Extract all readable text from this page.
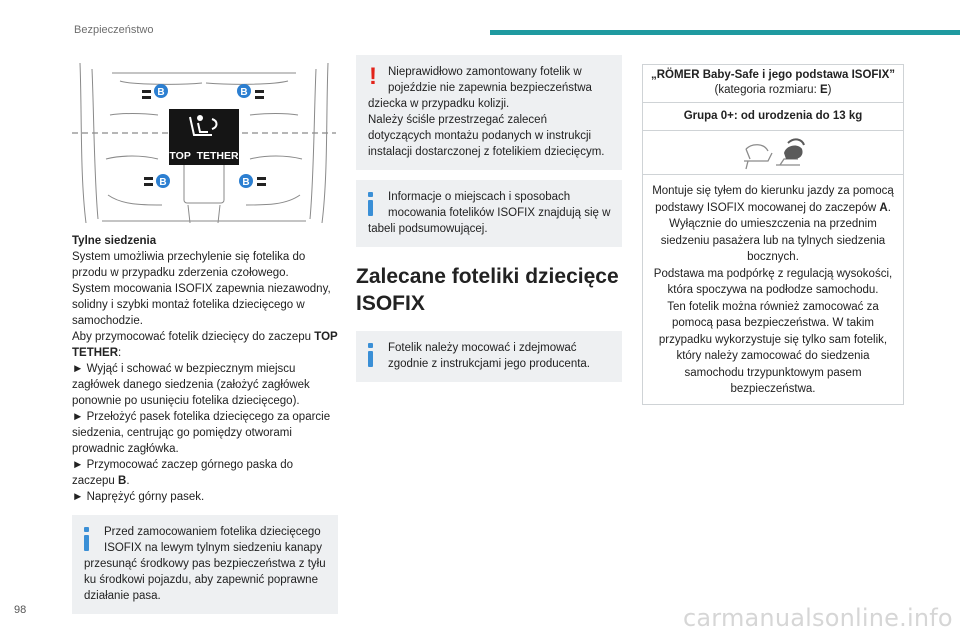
Bezpieczeństwo
B	B
B	B
TOP TETHER
Tylne siedzenia
System umożliwia przechylenie się fotelika do przodu w przypadku zderzenia czołowego.
System mocowania ISOFIX zapewnia niezawodny, solidny i szybki montaż fotelika dziecięcego w samochodzie.
Aby przymocować fotelik dziecięcy do zaczepu TOP TETHER:
► Wyjąć i schować w bezpiecznym miejscu zagłówek danego siedzenia (założyć zagłówek ponownie po usunięciu fotelika dziecięcego).
► Przełożyć pasek fotelika dziecięcego za oparcie siedzenia, centrując go pomiędzy otworami prowadnic zagłówka.
► Przymocować zaczep górnego paska do zaczepu B.
► Naprężyć górny pasek.
Przed zamocowaniem fotelika dziecięcego ISOFIX na lewym tylnym siedzeniu kanapy
przesunąć środkowy pas bezpieczeństwa z tyłu ku środkowi pojazdu, aby zapewnić poprawne działanie pasa.
! Nieprawidłowo zamontowany fotelik w pojeździe nie zapewnia bezpieczeństwa
dziecka w przypadku kolizji.
Należy ściśle przestrzegać zaleceń dotyczących montażu podanych w instrukcji instalacji dostarczonej z fotelikiem dziecięcym.
Informacje o miejscach i sposobach mocowania fotelików ISOFIX znajdują się w
tabeli podsumowującej.
Zalecane foteliki dziecięce ISOFIX
Fotelik należy mocować i zdejmować zgodnie z instrukcjami jego producenta.
„RÖMER Baby-Safe i jego podstawa ISOFIX”
(kategoria rozmiaru: E)
Grupa 0+: od urodzenia do 13 kg
Montuje się tyłem do kierunku jazdy za pomocą podstawy ISOFIX mocowanej do zaczepów A.
Wyłącznie do umieszczenia na przednim siedzeniu pasażera lub na tylnych siedzenia bocznych.
Podstawa ma podpórkę z regulacją wysokości, która spoczywa na podłodze samochodu.
Ten fotelik można również zamocować za pomocą pasa bezpieczeństwa. W takim przypadku wykorzystuje się tylko sam fotelik, który należy zamocować do siedzenia samochodu trzypunktowym pasem bezpieczeństwa.
98	carmanualsonline.info
